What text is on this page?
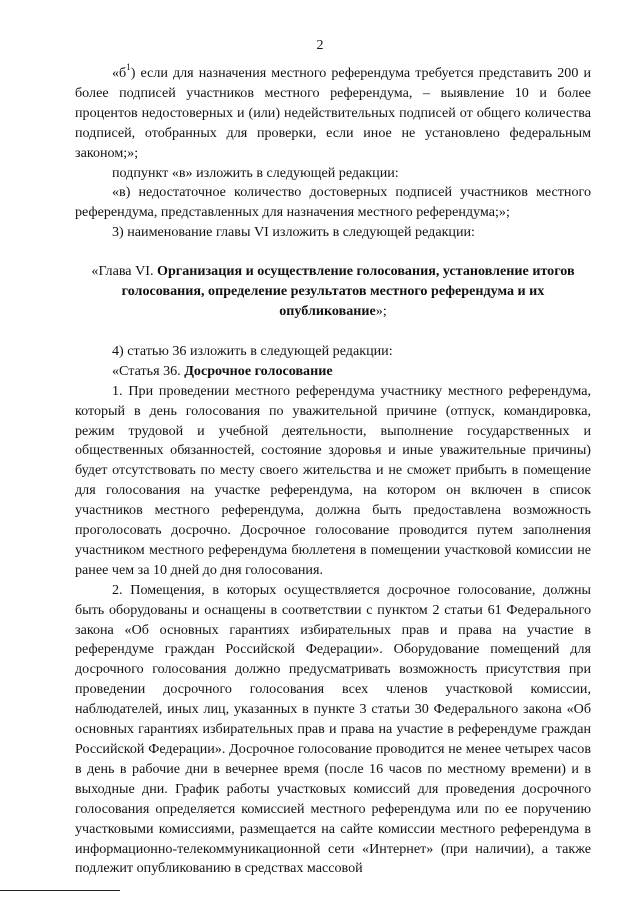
2

«$б^1$) если для назначения местного референдума требуется представить 200 и более подписей участников местного референдума, – выявление 10 и более процентов недостоверных и (или) недействительных подписей от общего количества подписей, отобранных для проверки, если иное не установлено федеральным законом;»;

подпункт «в» изложить в следующей редакции:

«в) недостаточное количество достоверных подписей участников местного референдума, представленных для назначения местного референдума;»;

3) наименование главы VI изложить в следующей редакции:

«Глава VI. Организация и осуществление голосования, установление итогов голосования, определение результатов местного референдума и их опубликование»;

4) статью 36 изложить в следующей редакции:

«Статья 36. Досрочное голосование

1. При проведении местного референдума участнику местного референдума, который в день голосования по уважительной причине (отпуск, командировка, режим трудовой и учебной деятельности, выполнение государственных и общественных обязанностей, состояние здоровья и иные уважительные причины) будет отсутствовать по месту своего жительства и не сможет прибыть в помещение для голосования на участке референдума, на котором он включен в список участников местного референдума, должна быть предоставлена возможность проголосовать досрочно. Досрочное голосование проводится путем заполнения участником местного референдума бюллетеня в помещении участковой комиссии не ранее чем за 10 дней до дня голосования.

2. Помещения, в которых осуществляется досрочное голосование, должны быть оборудованы и оснащены в соответствии с пунктом 2 статьи 61 Федерального закона «Об основных гарантиях избирательных прав и права на участие в референдуме граждан Российской Федерации». Оборудование помещений для досрочного голосования должно предусматривать возможность присутствия при проведении досрочного голосования всех членов участковой комиссии, наблюдателей, иных лиц, указанных в пункте 3 статьи 30 Федерального закона «Об основных гарантиях избирательных прав и права на участие в референдуме граждан Российской Федерации». Досрочное голосование проводится не менее четырех часов в день в рабочие дни в вечернее время (после 16 часов по местному времени) и в выходные дни. График работы участковых комиссий для проведения досрочного голосования определяется комиссией местного референдума или по ее поручению участковыми комиссиями, размещается на сайте комиссии местного референдума в информационно-телекоммуникационной сети «Интернет» (при наличии), а также подлежит опубликованию в средствах массовой
